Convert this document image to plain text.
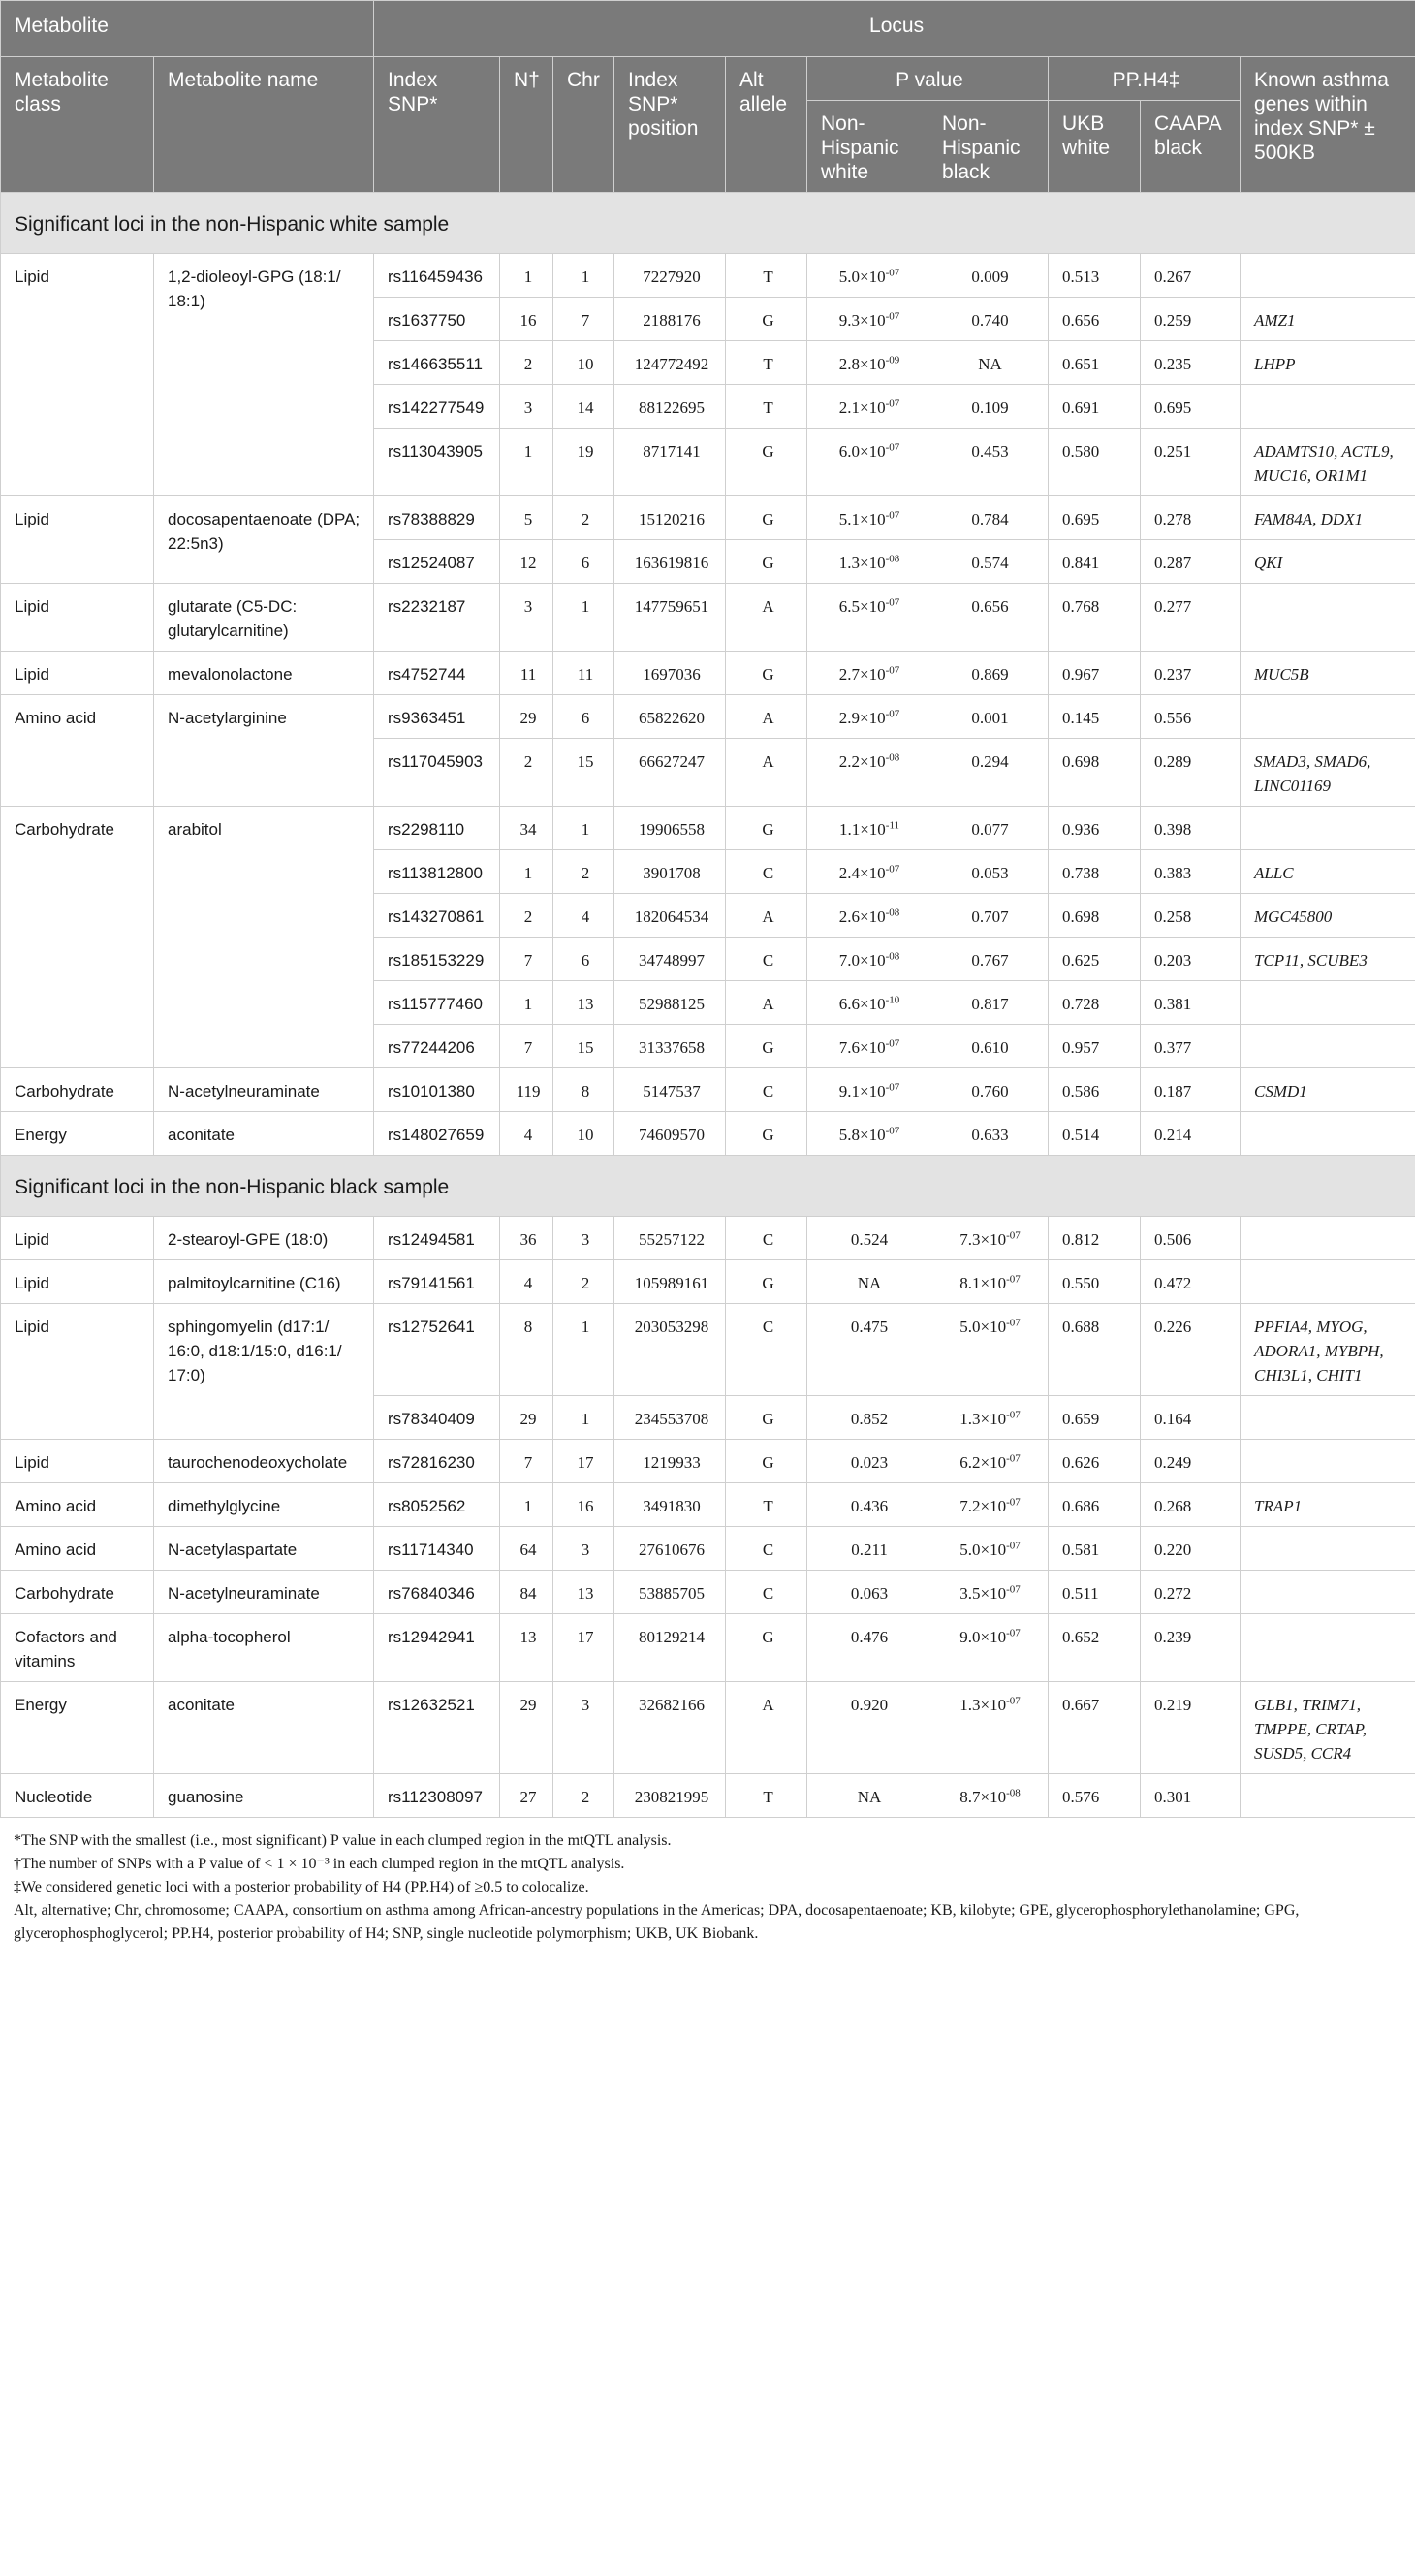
Metabolite		Locus									
Metabolite class	Metabolite name	Index SNP*	N†	Chr	Index SNP* position	Alt allele	P value		PP.H4‡		Known asthma genes within index SNP* ± 500KB
							Non-Hispanic white	Non-Hispanic black	UKB white	CAAPA black	
Significant loci in the non-Hispanic white sample											
Lipid	1,2-dioleoyl-GPG (18:1/ 18:1)	rs116459436	1	1	7227920	T	$5.0\times 10^{-07}$	0.009	0.513	0.267	
		rs1637750	16	7	2188176	G	$9.3\times 10^{-07}$	0.740	0.656	0.259	AMZ1
		rs146635511	2	10	124772492	T	$2.8\times 10^{-09}$	NA	0.651	0.235	LHPP
		rs142277549	3	14	88122695	T	$2.1\times 10^{-07}$	0.109	0.691	0.695	
		rs113043905	1	19	8717141	G	$6.0\times 10^{-07}$	0.453	0.580	0.251	ADAMTS10, ACTL9, MUC16, OR1M1
Lipid	docosapentaenoate (DPA; 22:5n3)	rs78388829	5	2	15120216	G	$5.1\times 10^{-07}$	0.784	0.695	0.278	FAM84A, DDX1
		rs12524087	12	6	163619816	G	$1.3\times 10^{-08}$	0.574	0.841	0.287	QKI
Lipid	glutarate (C5-DC: glutarylcarnitine)	rs2232187	3	1	147759651	A	$6.5\times 10^{-07}$	0.656	0.768	0.277	
Lipid	mevalonolactone	rs4752744	11	11	1697036	G	$2.7\times 10^{-07}$	0.869	0.967	0.237	MUC5B
Amino acid	N-acetylarginine	rs9363451	29	6	65822620	A	$2.9\times 10^{-07}$	0.001	0.145	0.556	
		rs117045903	2	15	66627247	A	$2.2\times 10^{-08}$	0.294	0.698	0.289	SMAD3, SMAD6, LINC01169
Carbohydrate	arabitol	rs2298110	34	1	19906558	G	$1.1\times 10^{-11}$	0.077	0.936	0.398	
		rs113812800	1	2	3901708	C	$2.4\times 10^{-07}$	0.053	0.738	0.383	ALLC
		rs143270861	2	4	182064534	A	$2.6\times 10^{-08}$	0.707	0.698	0.258	MGC45800
		rs185153229	7	6	34748997	C	$7.0\times 10^{-08}$	0.767	0.625	0.203	TCP11, SCUBE3
		rs115777460	1	13	52988125	A	$6.6\times 10^{-10}$	0.817	0.728	0.381	
		rs77244206	7	15	31337658	G	$7.6\times 10^{-07}$	0.610	0.957	0.377	
Carbohydrate	N-acetylneuraminate	rs10101380	119	8	5147537	C	$9.1\times 10^{-07}$	0.760	0.586	0.187	CSMD1
Energy	aconitate	rs148027659	4	10	74609570	G	$5.8\times 10^{-07}$	0.633	0.514	0.214	
Significant loci in the non-Hispanic black sample											
Lipid	2-stearoyl-GPE (18:0)	rs12494581	36	3	55257122	C	0.524	$7.3\times 10^{-07}$	0.812	0.506	
Lipid	palmitoylcarnitine (C16)	rs79141561	4	2	105989161	G	NA	$8.1\times 10^{-07}$	0.550	0.472	
Lipid	sphingomyelin (d17:1/ 16:0, d18:1/15:0, d16:1/ 17:0)	rs12752641	8	1	203053298	C	0.475	$5.0\times 10^{-07}$	0.688	0.226	PPFIA4, MYOG, ADORA1, MYBPH, CHI3L1, CHIT1
		rs78340409	29	1	234553708	G	0.852	$1.3\times 10^{-07}$	0.659	0.164	
Lipid	taurochenodeoxycholate	rs72816230	7	17	1219933	G	0.023	$6.2\times 10^{-07}$	0.626	0.249	
Amino acid	dimethylglycine	rs8052562	1	16	3491830	T	0.436	$7.2\times 10^{-07}$	0.686	0.268	TRAP1
Amino acid	N-acetylaspartate	rs11714340	64	3	27610676	C	0.211	$5.0\times 10^{-07}$	0.581	0.220	
Carbohydrate	N-acetylneuraminate	rs76840346	84	13	53885705	C	0.063	$3.5\times 10^{-07}$	0.511	0.272	
Cofactors and vitamins	alpha-tocopherol	rs12942941	13	17	80129214	G	0.476	$9.0\times 10^{-07}$	0.652	0.239	
Energy	aconitate	rs12632521	29	3	32682166	A	0.920	$1.3\times 10^{-07}$	0.667	0.219	GLB1, TRIM71, TMPPE, CRTAP, SUSD5, CCR4
Nucleotide	guanosine	rs112308097	27	2	230821995	T	NA	$8.7\times 10^{-08}$	0.576	0.301	
*The SNP with the smallest (i.e., most significant) P value in each clumped region in the mtQTL analysis.
†The number of SNPs with a P value of < 1 × 10⁻³ in each clumped region in the mtQTL analysis.
‡We considered genetic loci with a posterior probability of H4 (PP.H4) of ≥0.5 to colocalize.
Alt, alternative; Chr, chromosome; CAAPA, consortium on asthma among African-ancestry populations in the Americas; DPA, docosapentaenoate; KB, kilobyte; GPE, glycerophosphorylethanolamine; GPG, glycerophosphoglycerol; PP.H4, posterior probability of H4; SNP, single nucleotide polymorphism; UKB, UK Biobank.
